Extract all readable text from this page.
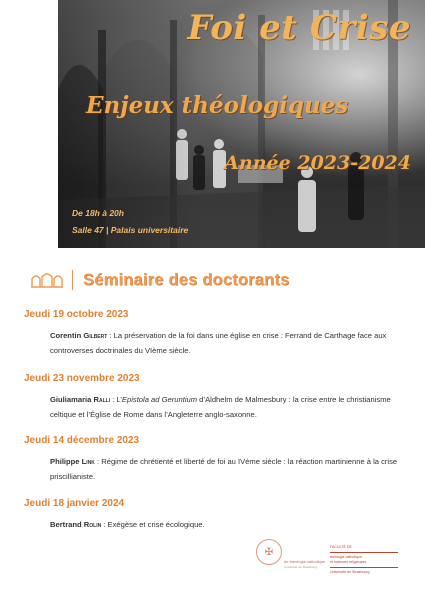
Foi et Crise
Enjeux théologiques
Année 2023-2024
De 18h à 20h
Salle 47 | Palais universitaire
Séminaire des doctorants
Jeudi 19 octobre 2023
Corentin Gilbert : La préservation de la foi dans une église en crise : Ferrand de Carthage face aux controverses doctrinales du VIème siècle.
Jeudi 23 novembre 2023
Giuliamaria Ralli : L’Epistola ad Geruntium d’Aldhelm de Malmesbury : la crise entre le christianisme celtique et l’Église de Rome dans l’Angleterre anglo-saxonne.
Jeudi 14 décembre 2023
Philippe Link : Régime de chrétienté et liberté de foi au IVème siècle : la réaction martinienne à la crise priscillianiste.
Jeudi 18 janvier 2024
Bertrand Rolin : Exégèse et crise écologique.
✠
de théologie catholique
Université de Strasbourg
FACULTÉ DE
théologie catholique
et sciences religieuses
Université de Strasbourg
